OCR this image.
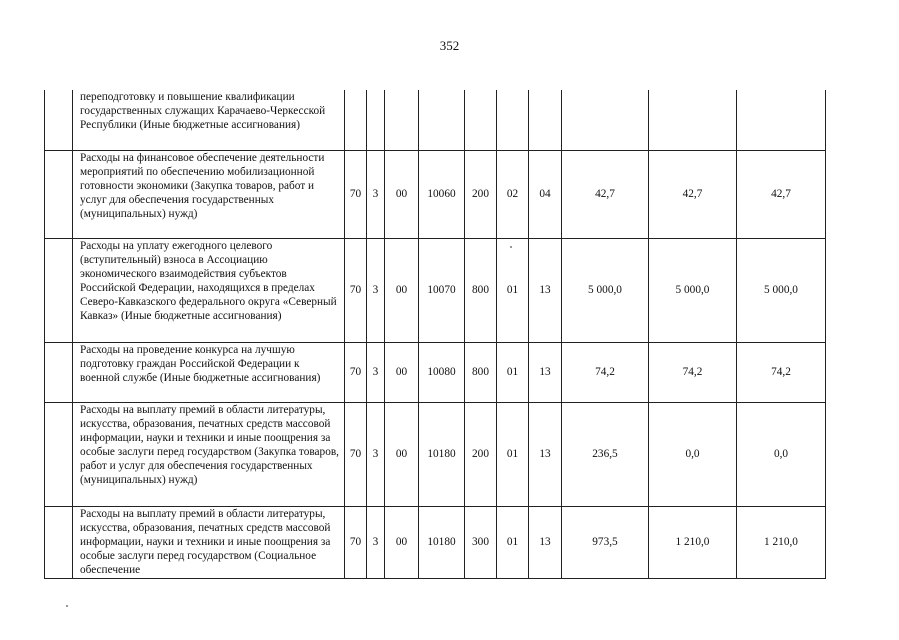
352
	переподготовку и повышение квалификации государственных служащих Карачаево-Черкесской Республики (Иные бюджетные ассигнования)										
	Расходы на финансовое обеспечение деятельности мероприятий по обеспечению мобилизационной готовности экономики (Закупка товаров, работ и услуг для обеспечения государственных (муниципальных) нужд)	70	3	00	10060	200	02	04	42,7	42,7	42,7
	Расходы на уплату ежегодного целевого (вступительный) взноса в Ассоциацию экономического взаимодействия субъектов Российской Федерации, находящихся в пределах Северо-Кавказского федерального округа «Северный Кавказ» (Иные бюджетные ассигнования)	70	3	00	10070	800	01	13	5 000,0	5 000,0	5 000,0
	Расходы на проведение конкурса на лучшую подготовку граждан Российской Федерации к военной службе (Иные бюджетные ассигнования)	70	3	00	10080	800	01	13	74,2	74,2	74,2
	Расходы на выплату премий в области литературы, искусства, образования, печатных средств массовой информации, науки и техники и иные поощрения за особые заслуги перед государством (Закупка товаров, работ и услуг для обеспечения государственных (муниципальных) нужд)	70	3	00	10180	200	01	13	236,5	0,0	0,0
	Расходы на выплату премий в области литературы, искусства, образования, печатных средств массовой информации, науки и техники и иные поощрения за особые заслуги перед государством (Социальное обеспечение	70	3	00	10180	300	01	13	973,5	1 210,0	1 210,0
